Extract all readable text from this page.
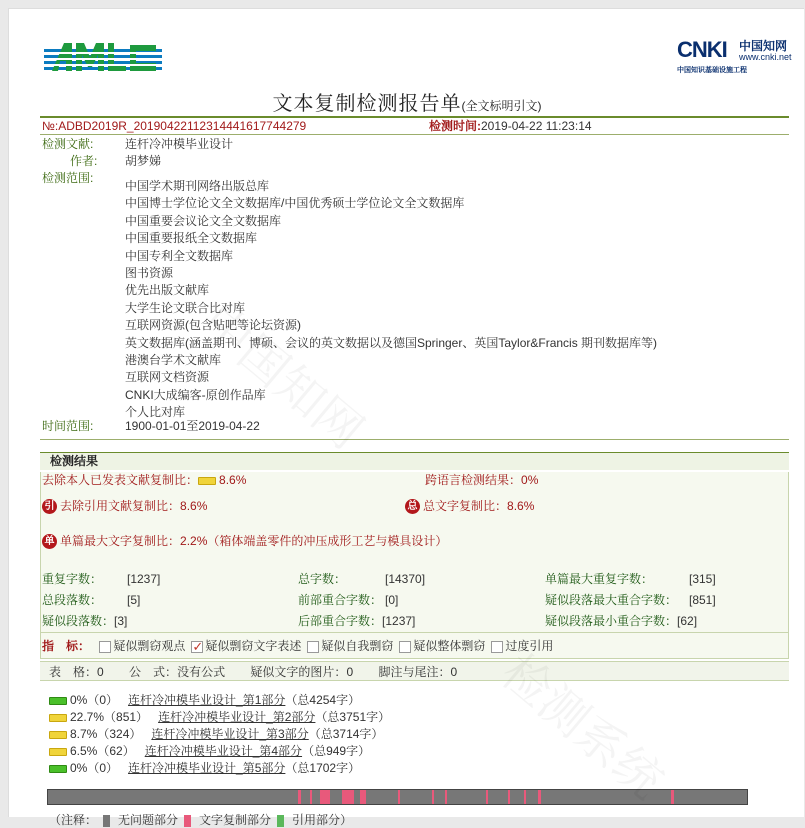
CNKI 中国知网
www.cnki.net
中国知识基础设施工程
文本复制检测报告单(全文标明引文)
№:ADBD2019R_20190422112314441617744279	检测时间:2019-04-22 11:23:14
检测文献:	连杆冷冲模毕业设计
作者: 胡梦娣
检测范围:
中国学术期刊网络出版总库
中国博士学位论文全文数据库/中国优秀硕士学位论文全文数据库
中国重要会议论文全文数据库
中国重要报纸全文数据库
中国专利全文数据库
图书资源
优先出版文献库
大学生论文联合比对库
互联网资源(包含贴吧等论坛资源)
英文数据库(涵盖期刊、博硕、会议的英文数据以及德国Springer、英国Taylor&Francis 期刊数据库等)
港澳台学术文献库
互联网文档资源
CNKI大成编客-原创作品库
个人比对库
时间范围:	1900-01-01至2019-04-22
检测结果
去除本人已发表文献复制比： 8.6%	跨语言检测结果：0%
引 去除引用文献复制比：8.6%	总 总文字复制比：8.6%
单 单篇最大文字复制比：2.2%（箱体端盖零件的冲压成形工艺与模具设计）
重复字数： [1237]	总字数：	[14370]	单篇最大重复字数：	[315]
总段落数： [5]	前部重合字数： [0]	疑似段落最大重合字数： [851]
疑似段落数：[3]	后部重合字数：[1237]	疑似段落最小重合字数：[62]
指　标： 疑似剽窃观点✓ 疑似剽窃文字表述 疑似自我剽窃 疑似整体剽窃 过度引用
表　格：0 公　式：没有公式 疑似文字的图片：0 脚注与尾注：0
0%（0） 连杆冷冲模毕业设计_第1部分（总4254字）
22.7%（851） 连杆冷冲模毕业设计_第2部分（总3751字）
8.7%（324） 连杆冷冲模毕业设计_第3部分（总3714字）
6.5%（62） 连杆冷冲模毕业设计_第4部分（总949字）
0%（0） 连杆冷冲模毕业设计_第5部分（总1702字）
（注释： 无问题部分 文字复制部分 引用部分）
